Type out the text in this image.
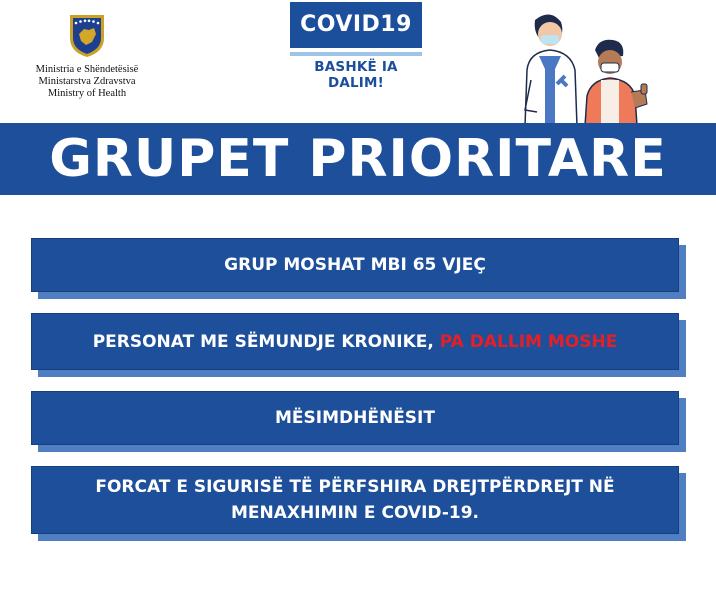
Ministria e Shëndetësisë
Ministarstva Zdravstva
Ministry of Health
COVID19
BASHKË IA DALIM!
GRUPET PRIORITARE
GRUP MOSHAT MBI 65 VJEÇ
PERSONAT ME SËMUNDJE KRONIKE, PA DALLIM MOSHE
MËSIMDHËNËSIT
FORCAT E SIGURISË TË PËRFSHIRA DREJTPËRDREJT NË
MENAXHIMIN E COVID-19.
